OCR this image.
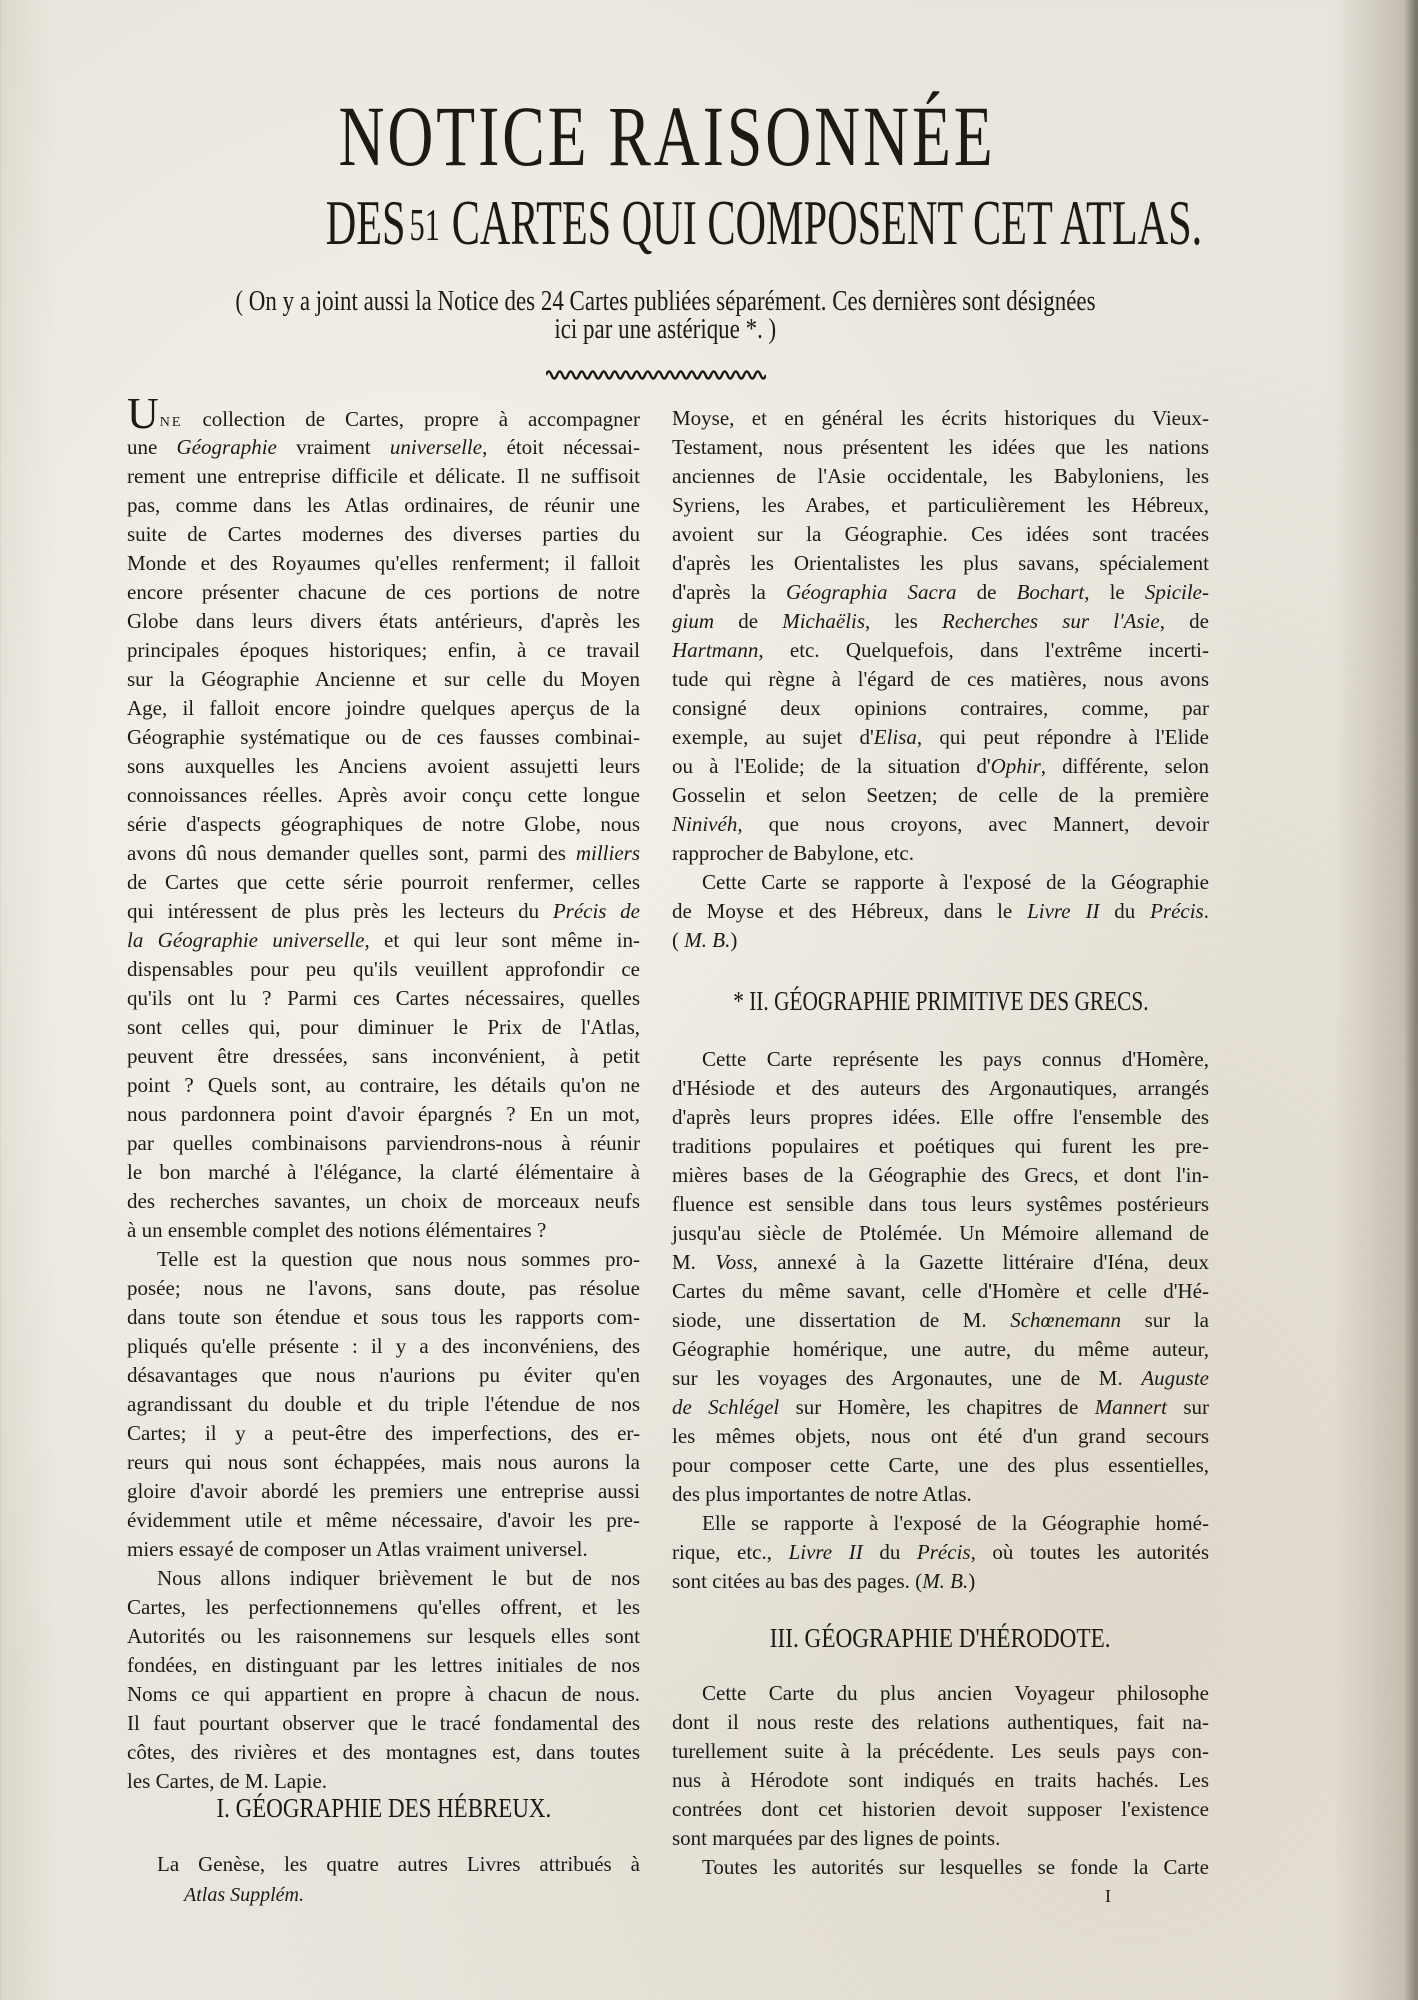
NOTICE RAISONNÉE
DES51 CARTES QUI COMPOSENT CET ATLAS.
( On y a joint aussi la Notice des 24 Cartes publiées séparément. Ces dernières sont désignées
ici par une astérique *. )
UNE collection de Cartes, propre à accompagner
une Géographie vraiment universelle, étoit nécessai-
rement une entreprise difficile et délicate. Il ne suffisoit
pas, comme dans les Atlas ordinaires, de réunir une
suite de Cartes modernes des diverses parties du
Monde et des Royaumes qu'elles renferment; il falloit
encore présenter chacune de ces portions de notre
Globe dans leurs divers états antérieurs, d'après les
principales époques historiques; enfin, à ce travail
sur la Géographie Ancienne et sur celle du Moyen
Age, il falloit encore joindre quelques aperçus de la
Géographie systématique ou de ces fausses combinai-
sons auxquelles les Anciens avoient assujetti leurs
connoissances réelles. Après avoir conçu cette longue
série d'aspects géographiques de notre Globe, nous
avons dû nous demander quelles sont, parmi des milliers
de Cartes que cette série pourroit renfermer, celles
qui intéressent de plus près les lecteurs du Précis de
la Géographie universelle, et qui leur sont même in-
dispensables pour peu qu'ils veuillent approfondir ce
qu'ils ont lu ? Parmi ces Cartes nécessaires, quelles
sont celles qui, pour diminuer le Prix de l'Atlas,
peuvent être dressées, sans inconvénient, à petit
point ? Quels sont, au contraire, les détails qu'on ne
nous pardonnera point d'avoir épargnés ? En un mot,
par quelles combinaisons parviendrons-nous à réunir
le bon marché à l'élégance, la clarté élémentaire à
des recherches savantes, un choix de morceaux neufs
à un ensemble complet des notions élémentaires ?
Telle est la question que nous nous sommes pro-
posée; nous ne l'avons, sans doute, pas résolue
dans toute son étendue et sous tous les rapports com-
pliqués qu'elle présente : il y a des inconvéniens, des
désavantages que nous n'aurions pu éviter qu'en
agrandissant du double et du triple l'étendue de nos
Cartes; il y a peut-être des imperfections, des er-
reurs qui nous sont échappées, mais nous aurons la
gloire d'avoir abordé les premiers une entreprise aussi
évidemment utile et même nécessaire, d'avoir les pre-
miers essayé de composer un Atlas vraiment universel.
Nous allons indiquer brièvement le but de nos
Cartes, les perfectionnemens qu'elles offrent, et les
Autorités ou les raisonnemens sur lesquels elles sont
fondées, en distinguant par les lettres initiales de nos
Noms ce qui appartient en propre à chacun de nous.
Il faut pourtant observer que le tracé fondamental des
côtes, des rivières et des montagnes est, dans toutes
les Cartes, de M. Lapie.
I. GÉOGRAPHIE DES HÉBREUX.
La Genèse, les quatre autres Livres attribués à
Moyse, et en général les écrits historiques du Vieux-
Testament, nous présentent les idées que les nations
anciennes de l'Asie occidentale, les Babyloniens, les
Syriens, les Arabes, et particulièrement les Hébreux,
avoient sur la Géographie. Ces idées sont tracées
d'après les Orientalistes les plus savans, spécialement
d'après la Géographia Sacra de Bochart, le Spicile-
gium de Michaëlis, les Recherches sur l'Asie, de
Hartmann, etc. Quelquefois, dans l'extrême incerti-
tude qui règne à l'égard de ces matières, nous avons
consigné deux opinions contraires, comme, par
exemple, au sujet d'Elisa, qui peut répondre à l'Elide
ou à l'Eolide; de la situation d'Ophir, différente, selon
Gosselin et selon Seetzen; de celle de la première
Ninivéh, que nous croyons, avec Mannert, devoir
rapprocher de Babylone, etc.
Cette Carte se rapporte à l'exposé de la Géographie
de Moyse et des Hébreux, dans le Livre II du Précis.
( M. B.)
* II. GÉOGRAPHIE PRIMITIVE DES GRECS.
Cette Carte représente les pays connus d'Homère,
d'Hésiode et des auteurs des Argonautiques, arrangés
d'après leurs propres idées. Elle offre l'ensemble des
traditions populaires et poétiques qui furent les pre-
mières bases de la Géographie des Grecs, et dont l'in-
fluence est sensible dans tous leurs systêmes postérieurs
jusqu'au siècle de Ptolémée. Un Mémoire allemand de
M. Voss, annexé à la Gazette littéraire d'Iéna, deux
Cartes du même savant, celle d'Homère et celle d'Hé-
siode, une dissertation de M. Schœnemann sur la
Géographie homérique, une autre, du même auteur,
sur les voyages des Argonautes, une de M. Auguste
de Schlégel sur Homère, les chapitres de Mannert sur
les mêmes objets, nous ont été d'un grand secours
pour composer cette Carte, une des plus essentielles,
des plus importantes de notre Atlas.
Elle se rapporte à l'exposé de la Géographie homé-
rique, etc., Livre II du Précis, où toutes les autorités
sont citées au bas des pages. (M. B.)
III. GÉOGRAPHIE D'HÉRODOTE.
Cette Carte du plus ancien Voyageur philosophe
dont il nous reste des relations authentiques, fait na-
turellement suite à la précédente. Les seuls pays con-
nus à Hérodote sont indiqués en traits hachés. Les
contrées dont cet historien devoit supposer l'existence
sont marquées par des lignes de points.
Toutes les autorités sur lesquelles se fonde la Carte
Atlas Supplém.	I
